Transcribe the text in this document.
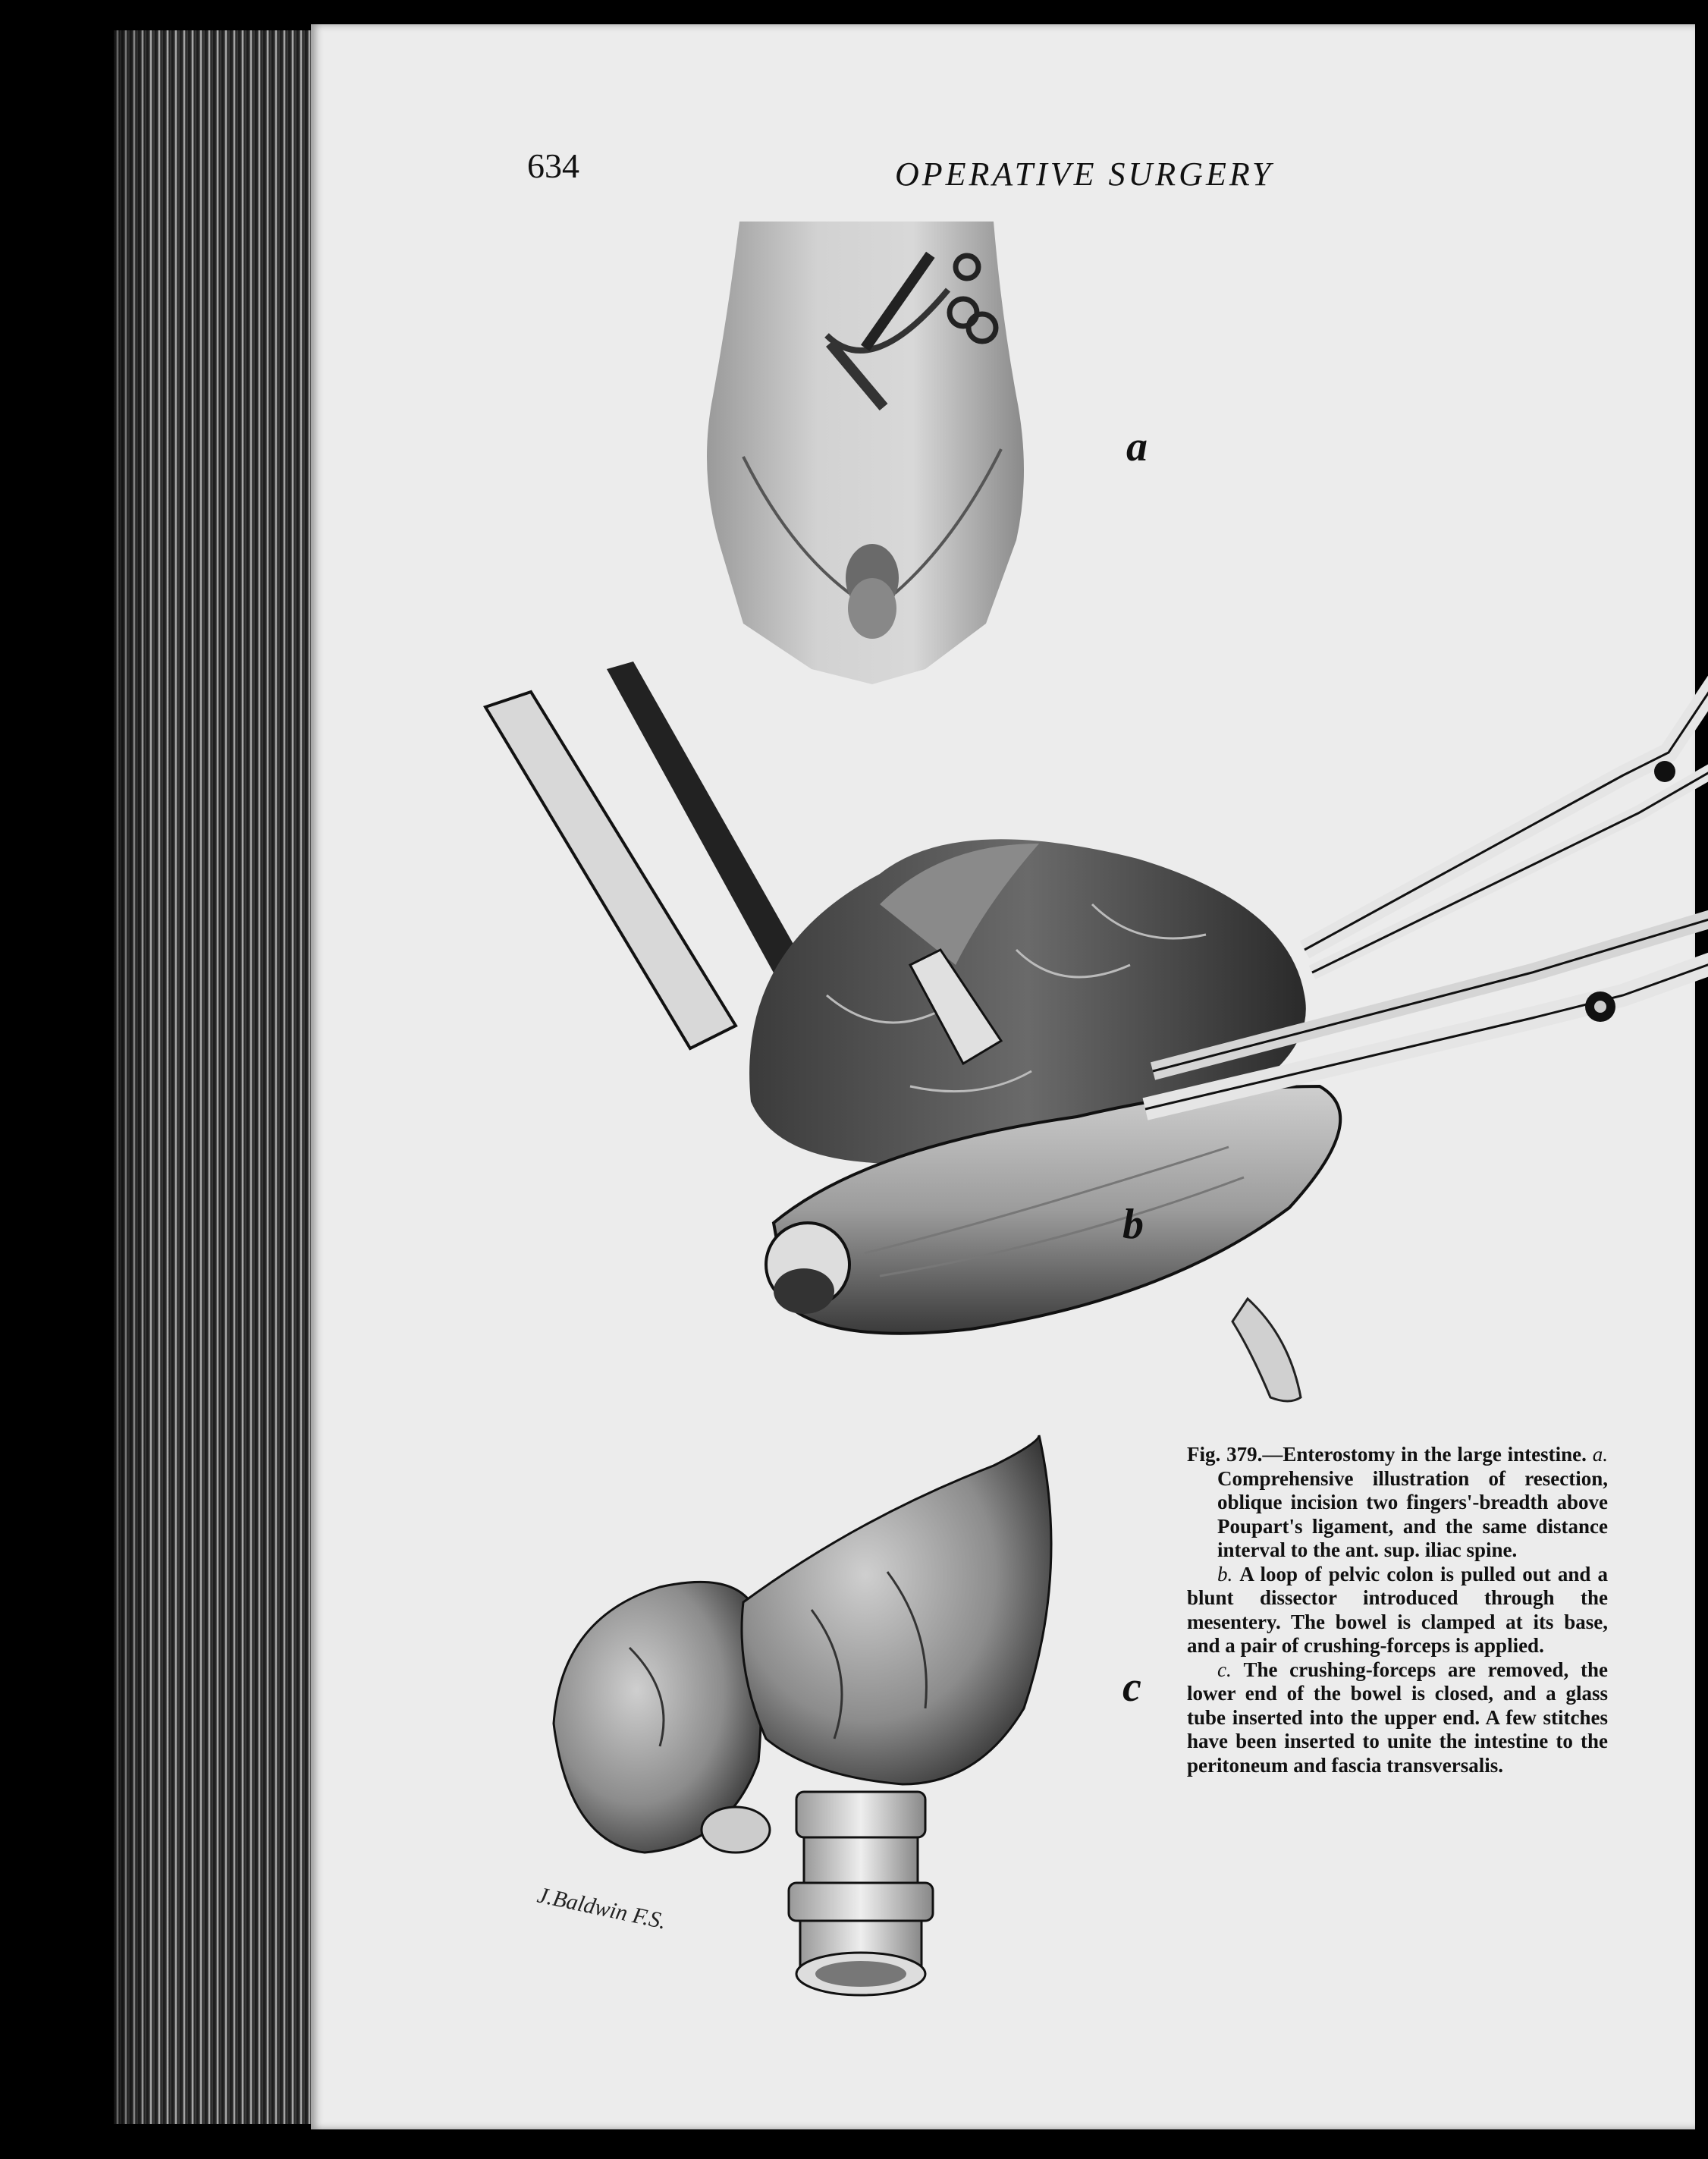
634	OPERATIVE SURGERY
a
b
c
J.Baldwin F.S.

Fig. 379.—Enterostomy in the large intestine. a. Comprehensive illustration of resection, oblique incision two fingers'-breadth above Poupart's ligament, and the same distance interval to the ant. sup. iliac spine.

b. A loop of pelvic colon is pulled out and a blunt dissector introduced through the mesentery. The bowel is clamped at its base, and a pair of crushing-forceps is applied.

c. The crushing-forceps are removed, the lower end of the bowel is closed, and a glass tube inserted into the upper end. A few stitches have been inserted to unite the intestine to the peritoneum and fascia transversalis.
